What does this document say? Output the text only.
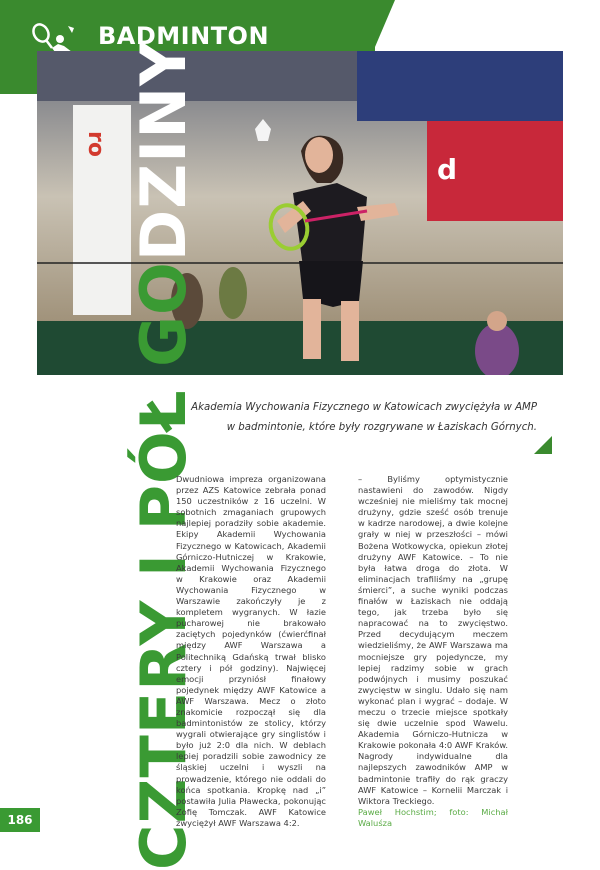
BADMINTON
ro
d
CZTERY I PÓŁ GODZINY

Akademia Wychowania Fizycznego w Katowicach zwyciężyła w AMP

w badmintonie, które były rozgrywane w Łaziskach Górnych.

Dwudniowa impreza organizowana przez AZS Katowice zebrała ponad 150 uczestników z 16 uczelni. W sobotnich zmaganiach grupowych najlepiej poradziły sobie akademie. Ekipy Akademii Wychowania Fizycznego w Katowicach, Akademii Górniczo-Hutniczej w Krakowie, Akademii Wychowania Fizycznego w Krakowie oraz Akademii Wychowania Fizycznego w Warszawie zakończyły je z kompletem wygranych. W łazie pucharowej nie brakowało zaciętych pojedynków (ćwierćfinał między AWF Warszawa a Politechniką Gdańską trwał blisko cztery i pół godziny). Najwięcej emocji przyniósł finałowy pojedynek między AWF Katowice a AWF Warszawa. Mecz o złoto znakomicie rozpoczął się dla badmintonistów ze stolicy, którzy wygrali otwierające gry singlistów i było już 2:0 dla nich. W deblach lepiej poradzili sobie zawodnicy ze śląskiej uczelni i wyszli na prowadzenie, którego nie oddali do końca spotkania. Kropkę nad „i” postawiła Julia Pławecka, pokonując Zofię Tomczak. AWF Katowice zwyciężył AWF Warszawa 4:2.

– Byliśmy optymistycznie nastawieni do zawodów. Nigdy wcześniej nie mieliśmy tak mocnej drużyny, gdzie sześć osób trenuje w kadrze narodowej, a dwie kolejne grały w niej w przeszłości – mówi Bożena Wotkowycka, opiekun złotej drużyny AWF Katowice. – To nie była łatwa droga do złota. W eliminacjach trafiliśmy na „grupę śmierci”, a suche wyniki podczas finałów w Łaziskach nie oddają tego, jak trzeba było się napracować na to zwycięstwo. Przed decydującym meczem wiedzieliśmy, że AWF Warszawa ma mocniejsze gry pojedyncze, my lepiej radzimy sobie w grach podwójnych i musimy poszukać zwycięstw w singlu. Udało się nam wykonać plan i wygrać – dodaje. W meczu o trzecie miejsce spotkały się dwie uczelnie spod Wawelu. Akademia Górniczo-Hutnicza w Krakowie pokonała 4:0 AWF Kraków. Nagrody indywidualne dla najlepszych zawodników AMP w badmintonie trafiły do rąk graczy AWF Katowice – Kornelii Marczak i Wiktora Treckiego.

Paweł Hochstim; foto: Michał Waluśza

186
